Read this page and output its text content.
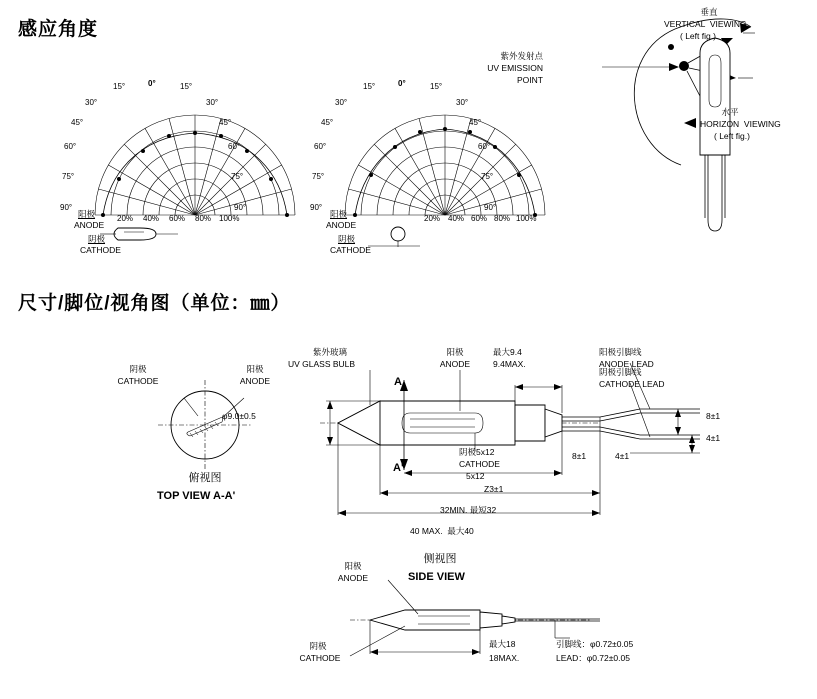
感应角度
15°	0°	15°
30°	30°
45°	45°
60°	60°
75°	75°
90°	90°
20% 40% 60% 80% 100%
阳极
ANODE
阴极
CATHODE
15°	0°	15°
30°	30°
45°	45°
60°	60°
75°	75°
90°	90°
20% 40% 60% 80% 100%
阳极
ANODE
阴极
CATHODE
紫外发射点
UV EMISSION
POINT
垂直
VERTICAL  VIEWING
( Left fig )
水平
HORIZON  VIEWING
( Left fig.)
尺寸/脚位/视角图（单位：㎜）
阴极
CATHODE
阳极
ANODE
俯视图
TOP VIEW A-A'
紫外玻璃
UV GLASS BULB
A
A'
阳极
ANODE
最大9.4
9.4MAX.
阳极引脚线
ANODE LEAD
阴极引脚线
CATHODE LEAD
φ9.0±0.5	8±1
4±1
8±1	4±1
阴极5x12
CATHODE
5x12
Z3±1
32MIN. 最短32
40 MAX.  最大40
侧视图
SIDE VIEW
阳极
ANODE
阴极
CATHODE
最大18
18MAX.
引脚线：φ0.72±0.05
LEAD：φ0.72±0.05
